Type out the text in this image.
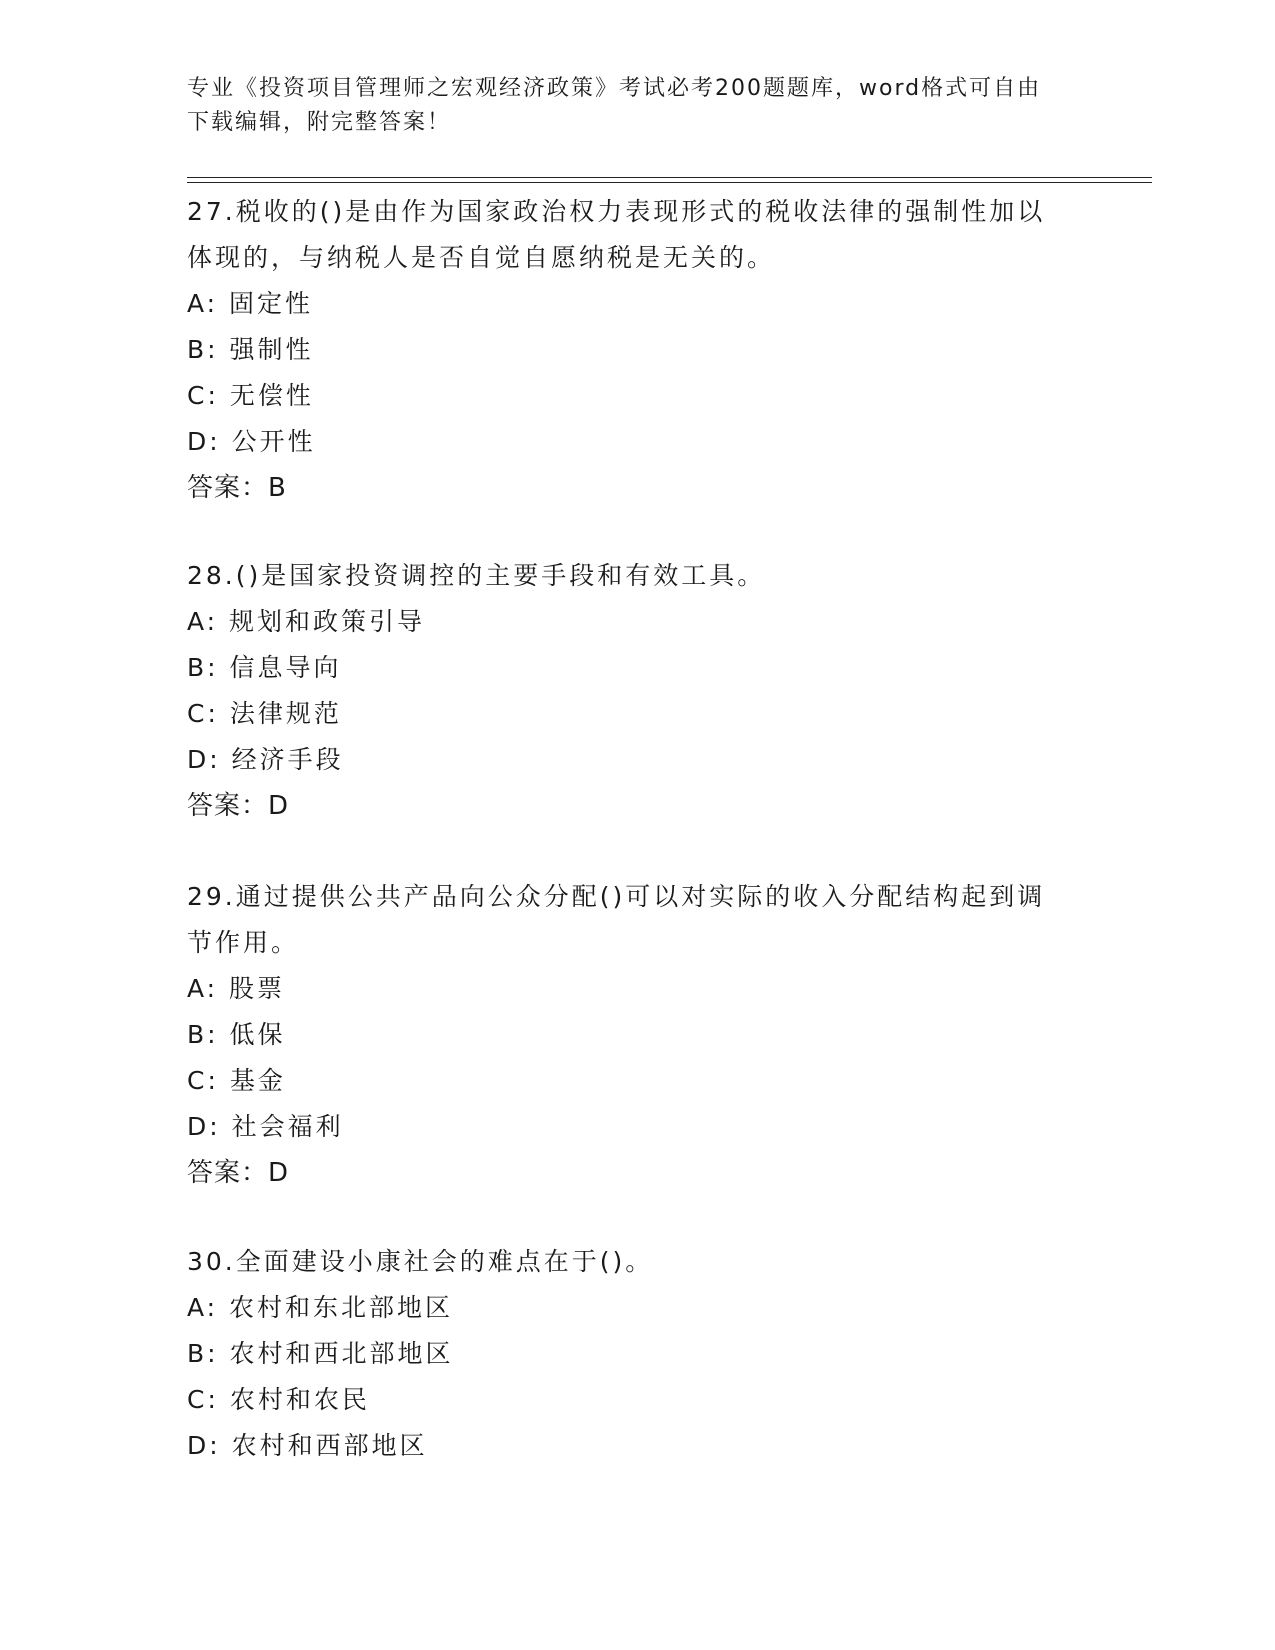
专业《投资项目管理师之宏观经济政策》考试必考200题题库，word格式可自由
下载编辑，附完整答案！

27.税收的()是由作为国家政治权力表现形式的税收法律的强制性加以
体现的，与纳税人是否自觉自愿纳税是无关的。

A: 固定性

B: 强制性

C: 无偿性

D: 公开性

答案：B

28.()是国家投资调控的主要手段和有效工具。

A: 规划和政策引导

B: 信息导向

C: 法律规范

D: 经济手段

答案：D

29.通过提供公共产品向公众分配()可以对实际的收入分配结构起到调
节作用。

A: 股票

B: 低保

C: 基金

D: 社会福利

答案：D

30.全面建设小康社会的难点在于()。

A: 农村和东北部地区

B: 农村和西北部地区

C: 农村和农民

D: 农村和西部地区
